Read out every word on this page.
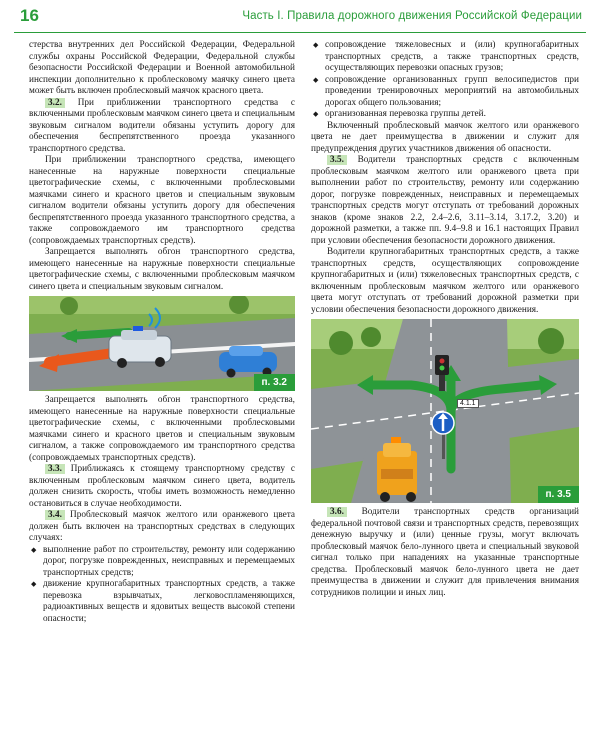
16	Часть I. Правила дорожного движения Российской Федерации

стерства внутренних дел Российской Федерации, Федеральной службы охраны Российской Федерации, Федеральной службы безопасности Российской Федерации и Военной автомобильной инспекции дополнительно к проблесковому маячку синего цвета может быть включен проблесковый маячок красного цвета.

3.2. При приближении транспортного средства с включенными проблесковым маячком синего цвета и специальным звуковым сигналом водители обязаны уступить дорогу для обеспечения беспрепятственного проезда указанного транспортного средства.

При приближении транспортного средства, имеющего нанесенные на наружные поверхности специальные цветографические схемы, с включенными проблесковыми маячками синего и красного цветов и специальным звуковым сигналом водители обязаны уступить дорогу для обеспечения беспрепятственного проезда указанного транспортного средства, а также сопровождаемого им транспортного средства (сопровождаемых транспортных средств).

Запрещается выполнять обгон транспортного средства, имеющего нанесенные на наружные поверхности специальные цветографические схемы, с включенными проблесковым маячком синего цвета и специальным звуковым сигналом.

п. 3.2

Запрещается выполнять обгон транспортного средства, имеющего нанесенные на наружные поверхности специальные цветографические схемы, с включенными проблесковыми маячками синего и красного цветов и специальным звуковым сигналом, а также сопровождаемого им транспортного средства (сопровождаемых транспортных средств).

3.3. Приближаясь к стоящему транспортному средству с включенным проблесковым маячком синего цвета, водитель должен снизить скорость, чтобы иметь возможность немедленно остановиться в случае необходимости.

3.4. Проблесковый маячок желтого или оранжевого цвета должен быть включен на транспортных средствах в следующих случаях:

◆ выполнение работ по строительству, ремонту или содержанию дорог, погрузке поврежденных, неисправных и перемещаемых транспортных средств;
◆ движение крупногабаритных транспортных средств, а также перевозка взрывчатых, легковоспламеняющихся, радиоактивных веществ и ядовитых веществ высокой степени опасности;
◆ сопровождение тяжеловесных и (или) крупногабаритных транспортных средств, а также транспортных средств, осуществляющих перевозки опасных грузов;
◆ сопровождение организованных групп велосипедистов при проведении тренировочных мероприятий на автомобильных дорогах общего пользования;
◆ организованная перевозка группы детей.

Включенный проблесковый маячок желтого или оранжевого цвета не дает преимущества в движении и служит для предупреждения других участников движения об опасности.

3.5. Водители транспортных средств с включенным проблесковым маячком желтого или оранжевого цвета при выполнении работ по строительству, ремонту или содержанию дорог, погрузке поврежденных, неисправных и перемещаемых транспортных средств могут отступать от требований дорожных знаков (кроме знаков 2.2, 2.4–2.6, 3.11–3.14, 3.17.2, 3.20) и дорожной разметки, а также пп. 9.4–9.8 и 16.1 настоящих Правил при условии обеспечения безопасности дорожного движения.

Водители крупногабаритных транспортных средств, а также транспортных средств, осуществляющих сопровождение крупногабаритных и (или) тяжеловесных транспортных средств, с включенным проблесковым маячком желтого или оранжевого цвета могут отступать от требований дорожной разметки при условии обеспечения безопасности дорожного движения.

4.1.1
п. 3.5

3.6. Водители транспортных средств организаций федеральной почтовой связи и транспортных средств, перевозящих денежную выручку и (или) ценные грузы, могут включать проблесковый маячок бело-лунного цвета и специальный звуковой сигнал только при нападениях на указанные транспортные средства. Проблесковый маячок бело-лунного цвета не дает преимущества в движении и служит для привлечения внимания сотрудников полиции и иных лиц.
